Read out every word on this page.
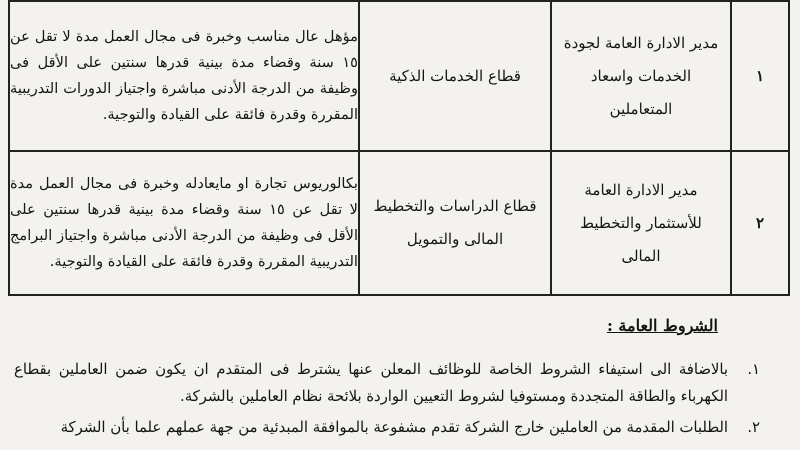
١	مدير الادارة العامة لجودة الخدمات واسعاد المتعاملين	قطاع الخدمات الذكية	مؤهل عال مناسب وخبرة فى مجال العمل مدة لا تقل عن ١٥ سنة وقضاء مدة بينية قدرها سنتين على الأقل فى وظيفة من الدرجة الأدنى مباشرة واجتياز الدورات التدريبية المقررة وقدرة فائقة على القيادة والتوجية.
٢	مدير الادارة العامة للأستثمار والتخطيط المالى	قطاع الدراسات والتخطيط المالى والتمويل	بكالوريوس تجارة او مايعادله وخبرة فى مجال العمل مدة لا تقل عن ١٥ سنة وقضاء مدة بينية قدرها سنتين على الأقل فى وظيفة من الدرجة الأدنى مباشرة واجتياز البرامج التدريبية المقررة وقدرة فائقة على القيادة والتوجية.
الشروط العامة :
١.
بالاضافة الى استيفاء الشروط الخاصة للوظائف المعلن عنها يشترط فى المتقدم ان يكون ضمن العاملين بقطاع الكهرباء والطاقة المتجددة ومستوفيا لشروط التعيين الواردة بلائحة نظام العاملين بالشركة.
٢.
الطلبات المقدمة من العاملين خارج الشركة تقدم مشفوعة بالموافقة المبدئية من جهة عملهم علما بأن الشركة
